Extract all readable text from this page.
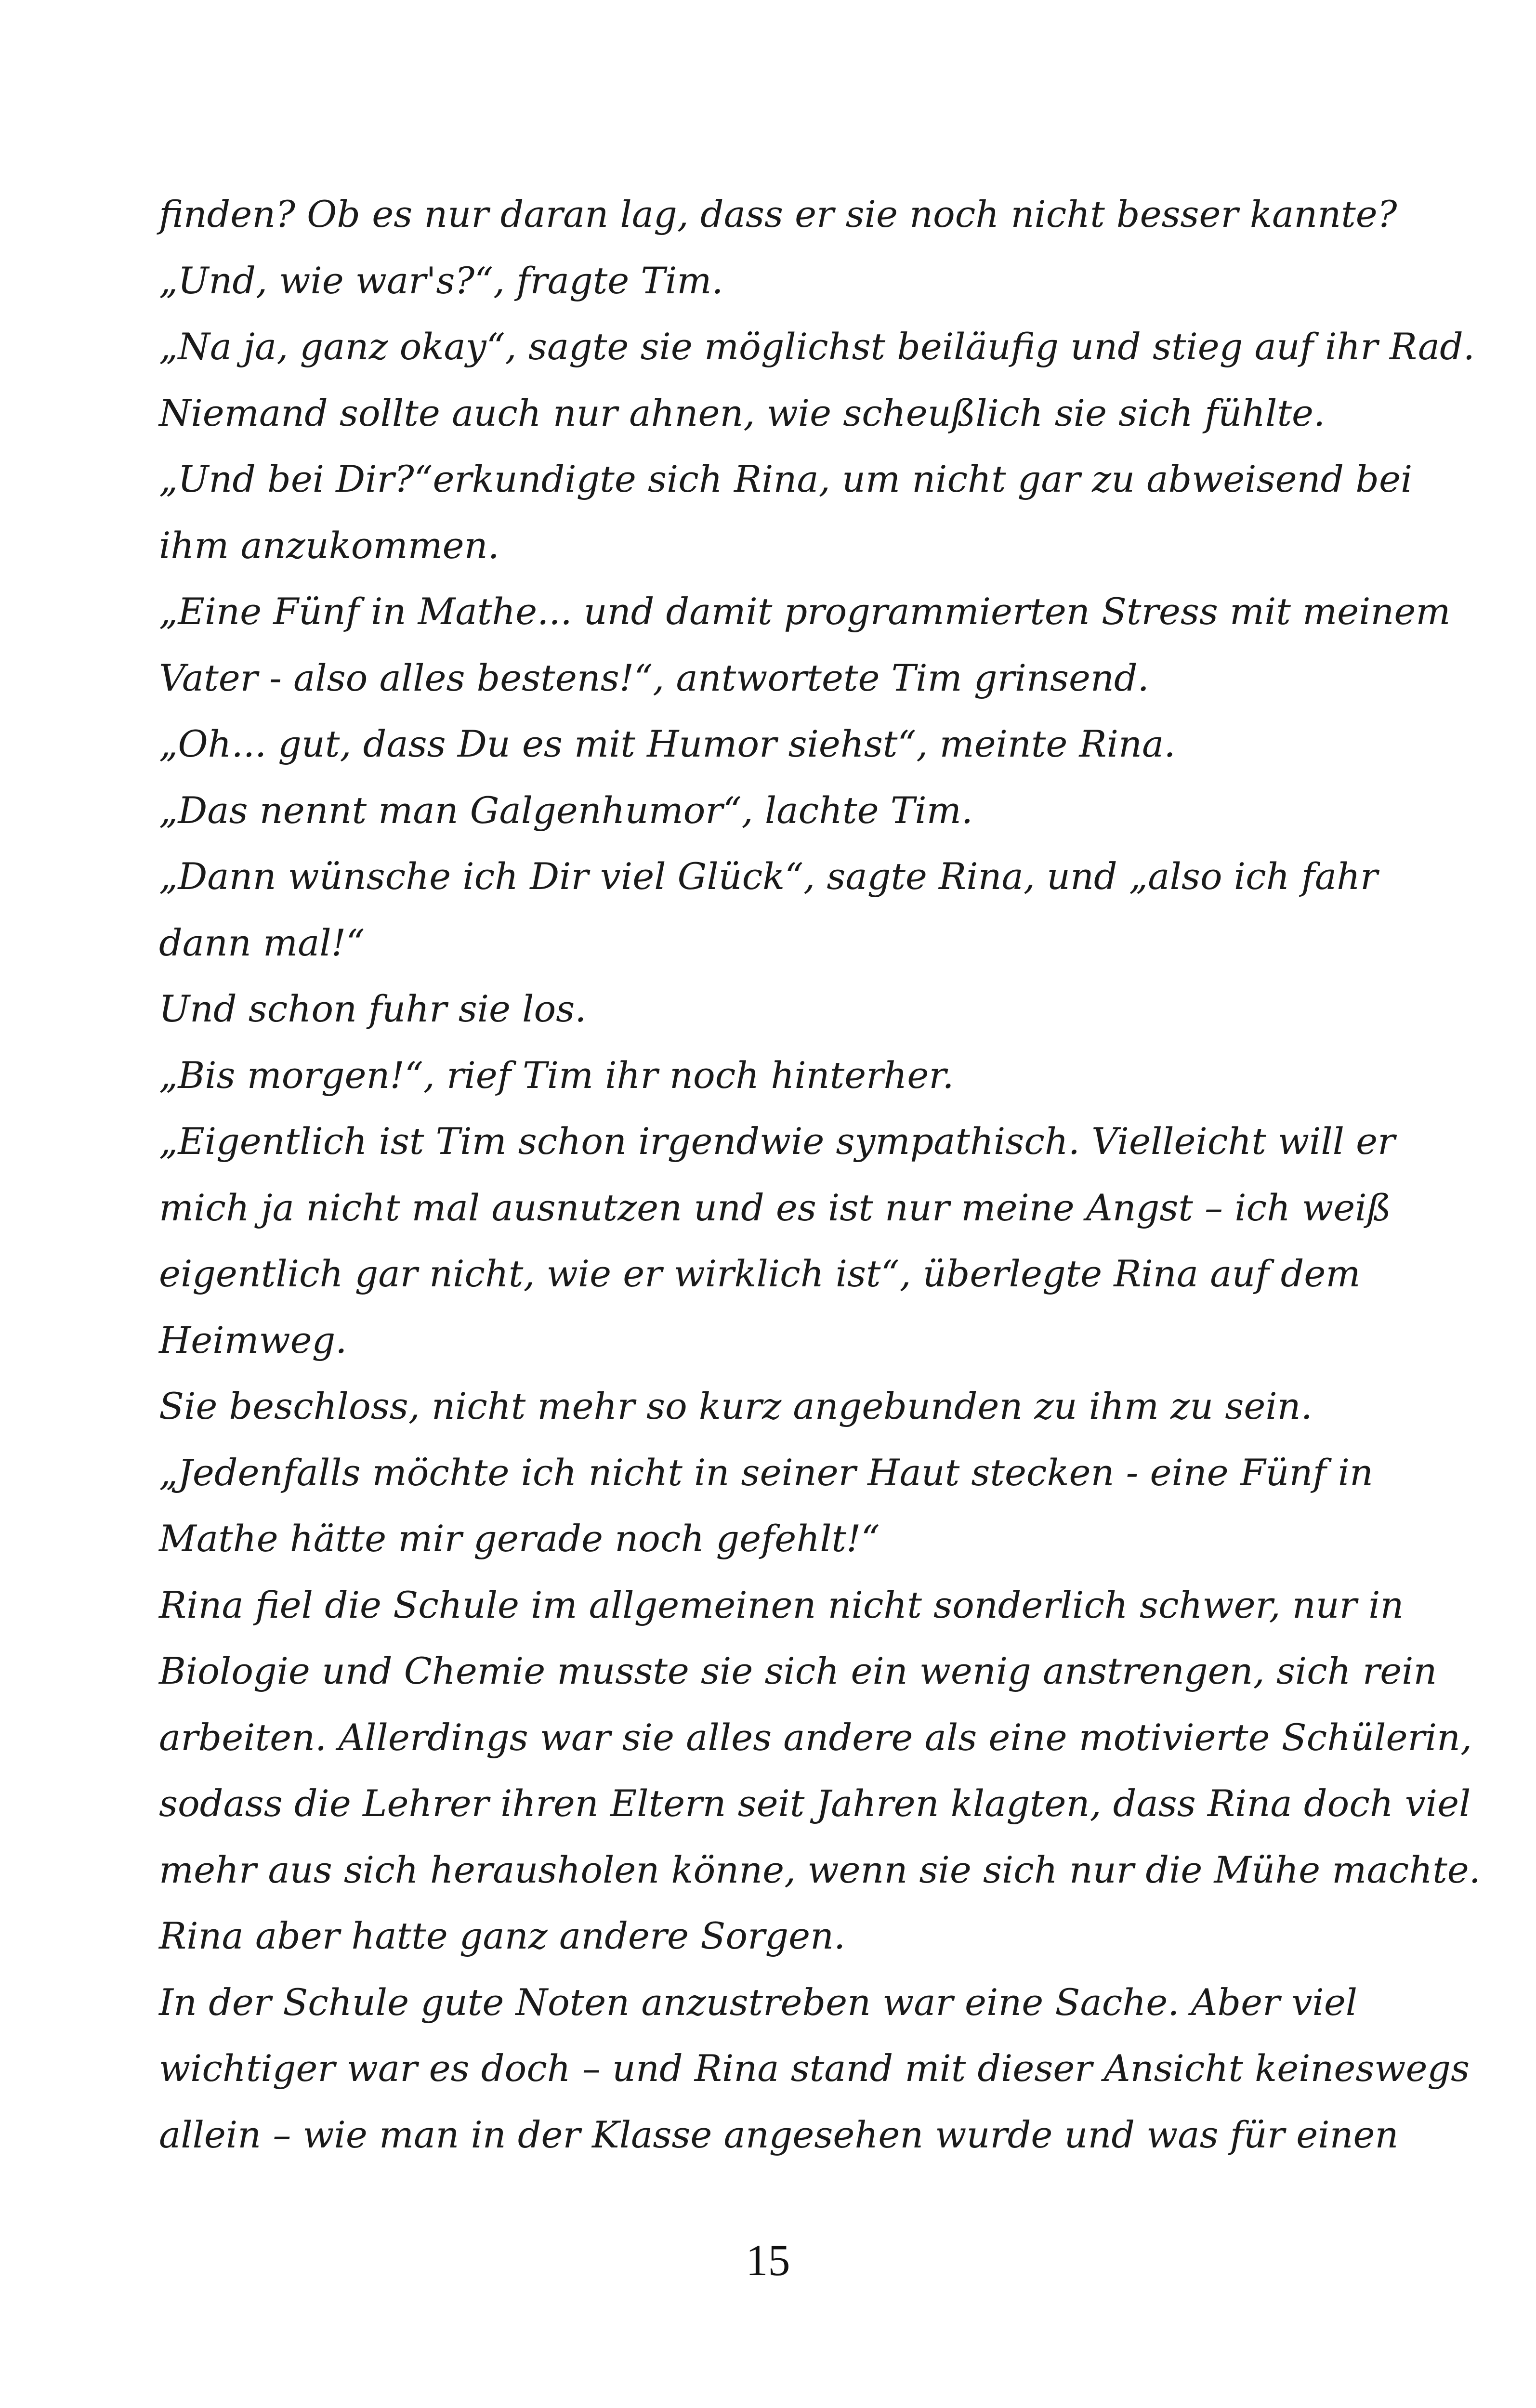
finden? Ob es nur daran lag, dass er sie noch nicht besser kannte?
„Und, wie war's?“, fragte Tim.
„Na ja, ganz okay“, sagte sie möglichst beiläufig und stieg auf ihr Rad.
Niemand sollte auch nur ahnen, wie scheußlich sie sich fühlte.
„Und bei Dir?“erkundigte sich Rina, um nicht gar zu abweisend bei
ihm anzukommen.
„Eine Fünf in Mathe... und damit programmierten Stress mit meinem
Vater - also alles bestens!“, antwortete Tim grinsend.
„Oh... gut, dass Du es mit Humor siehst“, meinte Rina.
„Das nennt man Galgenhumor“, lachte Tim.
„Dann wünsche ich Dir viel Glück“, sagte Rina, und „also ich fahr
dann mal!“
Und schon fuhr sie los.
„Bis morgen!“, rief Tim ihr noch hinterher.
„Eigentlich ist Tim schon irgendwie sympathisch. Vielleicht will er
mich ja nicht mal ausnutzen und es ist nur meine Angst – ich weiß
eigentlich gar nicht, wie er wirklich ist“, überlegte Rina auf dem
Heimweg.
Sie beschloss, nicht mehr so kurz angebunden zu ihm zu sein.
„Jedenfalls möchte ich nicht in seiner Haut stecken - eine Fünf in
Mathe hätte mir gerade noch gefehlt!“
Rina fiel die Schule im allgemeinen nicht sonderlich schwer, nur in
Biologie und Chemie musste sie sich ein wenig anstrengen, sich rein
arbeiten. Allerdings war sie alles andere als eine motivierte Schülerin,
sodass die Lehrer ihren Eltern seit Jahren klagten, dass Rina doch viel
mehr aus sich herausholen könne, wenn sie sich nur die Mühe machte.
Rina aber hatte ganz andere Sorgen.
In der Schule gute Noten anzustreben war eine Sache. Aber viel
wichtiger war es doch – und Rina stand mit dieser Ansicht keineswegs
allein – wie man in der Klasse angesehen wurde und was für einen
15
